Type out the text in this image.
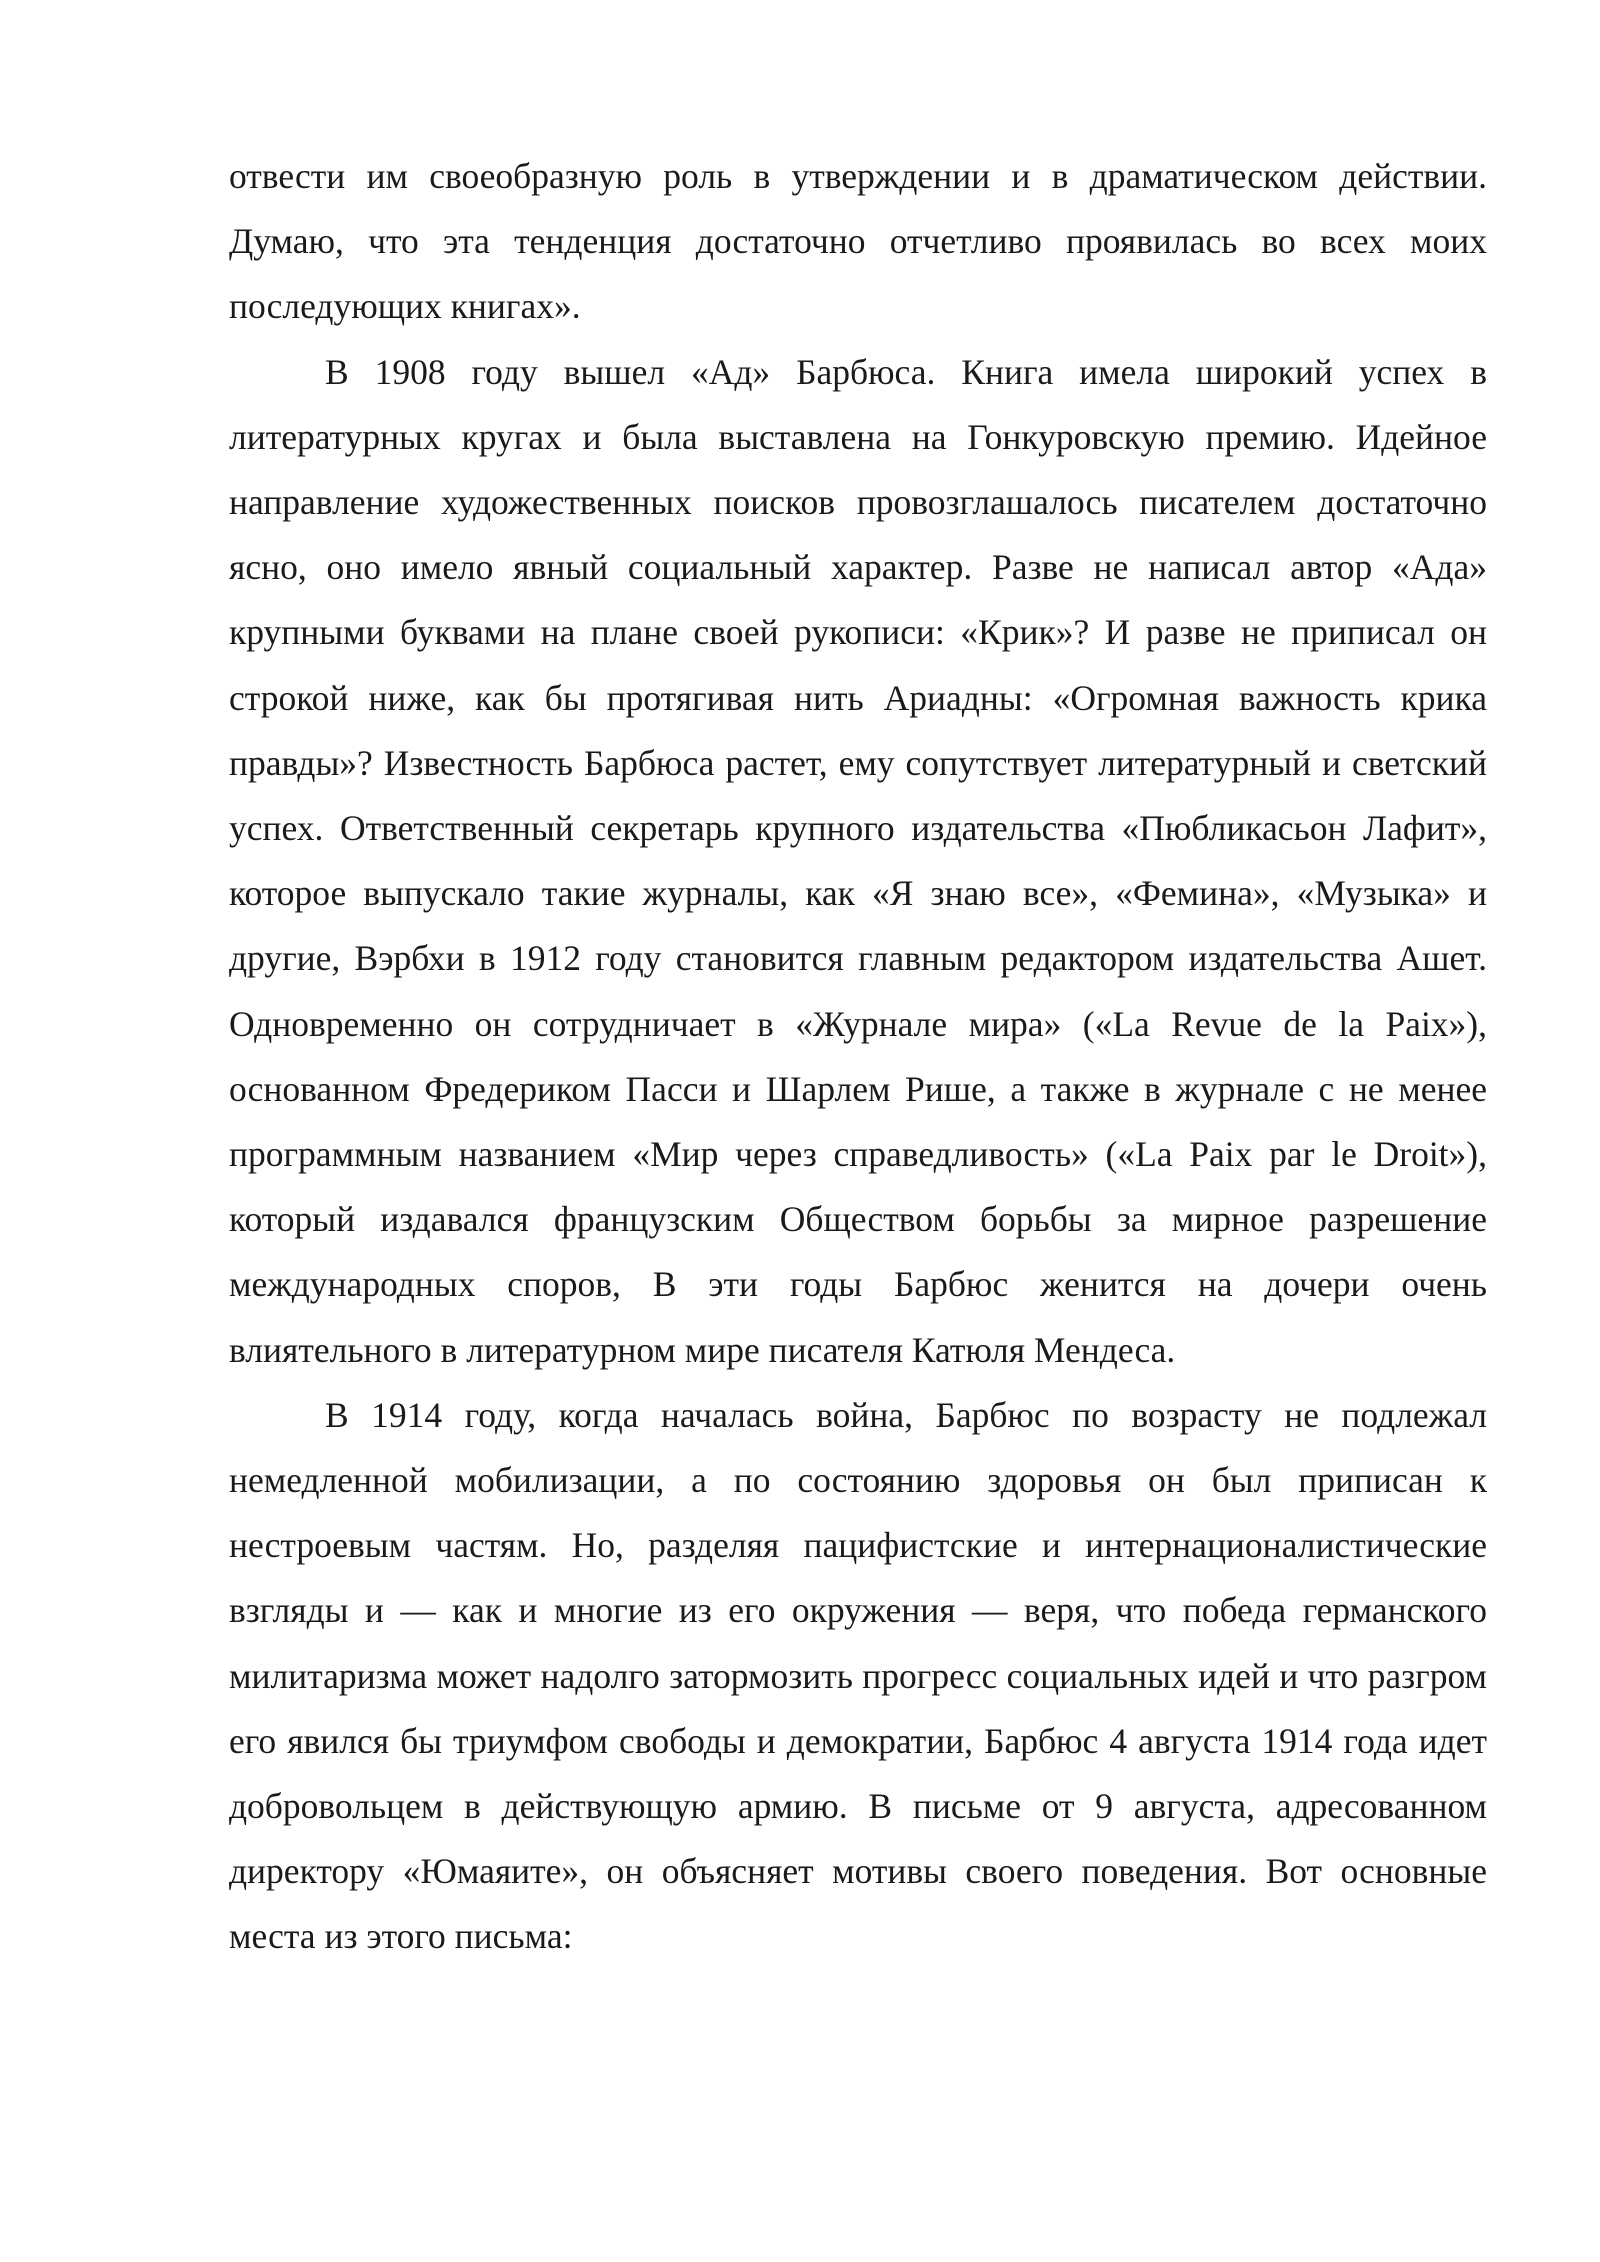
отвести им своеобразную роль в утверждении и в драматическом действии. Думаю, что эта тенденция достаточно отчетливо проявилась во всех моих последующих книгах».

В 1908 году вышел «Ад» Барбюса. Книга имела широкий успех в литературных кругах и была выставлена на Гонкуровскую премию. Идейное направление художественных поисков провозглашалось писателем достаточно ясно, оно имело явный социальный характер. Разве не написал автор «Ада» крупными буквами на плане своей рукописи: «Крик»? И разве не приписал он строкой ниже, как бы протягивая нить Ариадны: «Огромная важность крика правды»? Известность Барбюса растет, ему сопутствует литературный и светский успех. Ответственный секретарь крупного издательства «Пюбликасьон Лафит», которое выпускало такие журналы, как «Я знаю все», «Фемина», «Музыка» и другие, Вэрбхи в 1912 году становится главным редактором издательства Ашет. Одновременно он сотрудничает в «Журнале мира» («La Revue de la Paix»), основанном Фредериком Пасси и Шарлем Рише, а также в журнале с не менее программным названием «Мир через справедливость» («La Paix par le Droit»), который издавался французским Обществом борьбы за мирное разрешение международных споров, В эти годы Барбюс женится на дочери очень влиятельного в литературном мире писателя Катюля Мендеса.

В 1914 году, когда началась война, Барбюс по возрасту не подлежал немедленной мобилизации, а по состоянию здоровья он был приписан к нестроевым частям. Но, разделяя пацифистские и интернационалистические взгляды и — как и многие из его окружения — веря, что победа германского милитаризма может надолго затормозить прогресс социальных идей и что разгром его явился бы триумфом свободы и демократии, Барбюс 4 августа 1914 года идет добровольцем в действующую армию. В письме от 9 августа, адресованном директору «Юмаяите», он объясняет мотивы своего поведения. Вот основные места из этого письма:
